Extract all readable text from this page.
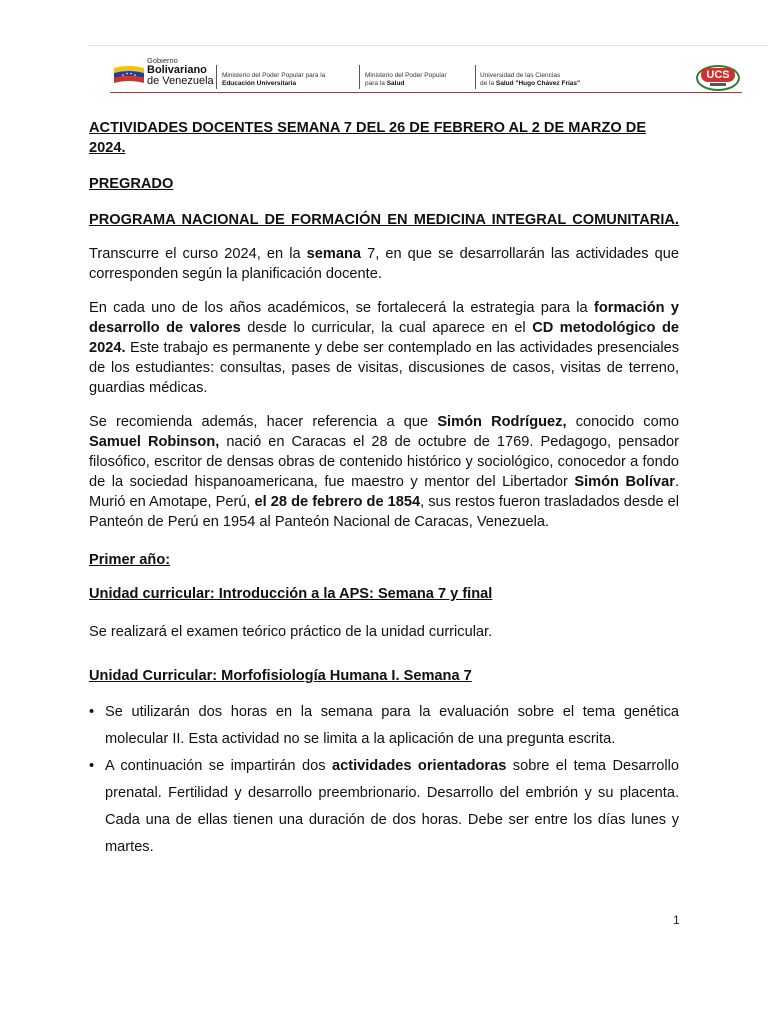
Gobierno
Bolivariano
de Venezuela Ministerio del Poder Popular para la
Educación Universitaria
Ministerio del Poder Popular
para la Salud
Universidad de las Ciencias
de la Salud "Hugo Chávez Frías"
UCS

ACTIVIDADES DOCENTES SEMANA 7 DEL 26 DE FEBRERO AL 2 DE MARZO DE 2024.

PREGRADO

PROGRAMA NACIONAL DE FORMACIÓN EN MEDICINA INTEGRAL COMUNITARIA.

Transcurre el curso 2024, en la semana 7, en que se desarrollarán las actividades que corresponden según la planificación docente.

En cada uno de los años académicos, se fortalecerá la estrategia para la formación y desarrollo de valores desde lo curricular, la cual aparece en el CD metodológico de 2024. Este trabajo es permanente y debe ser contemplado en las actividades presenciales de los estudiantes: consultas, pases de visitas, discusiones de casos, visitas de terreno, guardias médicas.

Se recomienda además, hacer referencia a que Simón Rodríguez, conocido como Samuel Robinson, nació en Caracas el 28 de octubre de 1769. Pedagogo, pensador filosófico, escritor de densas obras de contenido histórico y sociológico, conocedor a fondo de la sociedad hispanoamericana, fue maestro y mentor del Libertador Simón Bolívar. Murió en Amotape, Perú, el 28 de febrero de 1854, sus restos fueron trasladados desde el Panteón de Perú en 1954 al Panteón Nacional de Caracas, Venezuela.

Primer año:

Unidad curricular: Introducción a la APS: Semana 7 y final

Se realizará el examen teórico práctico de la unidad curricular.

Unidad Curricular: Morfofisiología Humana I. Semana 7

• Se utilizarán dos horas en la semana para la evaluación sobre el tema genética molecular II. Esta actividad no se limita a la aplicación de una pregunta escrita.
• A continuación se impartirán dos actividades orientadoras sobre el tema Desarrollo prenatal. Fertilidad y desarrollo preembrionario. Desarrollo del embrión y su placenta. Cada una de ellas tienen una duración de dos horas. Debe ser entre los días lunes y martes.
1
